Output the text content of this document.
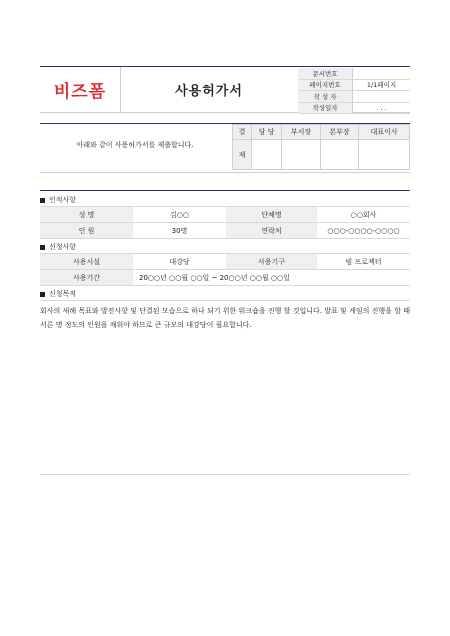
비즈폼	사용허가서
문서번호	
페이지번호	1/1페이지
작 성 자	
작성일자	. . .
아래와 같이 사용허가서를 제출합니다.
결	담 당	부서장	본부장	대표이사
재				
인적사항
성 명	김○○	단체명	○○회사
인 원	30명	연락처	○○○-○○○○-○○○○
신청사항
사용시설	대강당	사용기구	빔 프로젝터
사용기간	20○○년 ○○월 ○○일 ~ 20○○년 ○○월 ○○일		
신청목적
회사의 새해 목표와 발전사항 및 단결된 모습으로 하나 되기 위한 워크숍을 진행 할 것입니다. 발표 및 게임의 진행을 할 때 서른 명 정도의 인원을 채워야 하므로 큰 규모의 대강당이 필요합니다.
